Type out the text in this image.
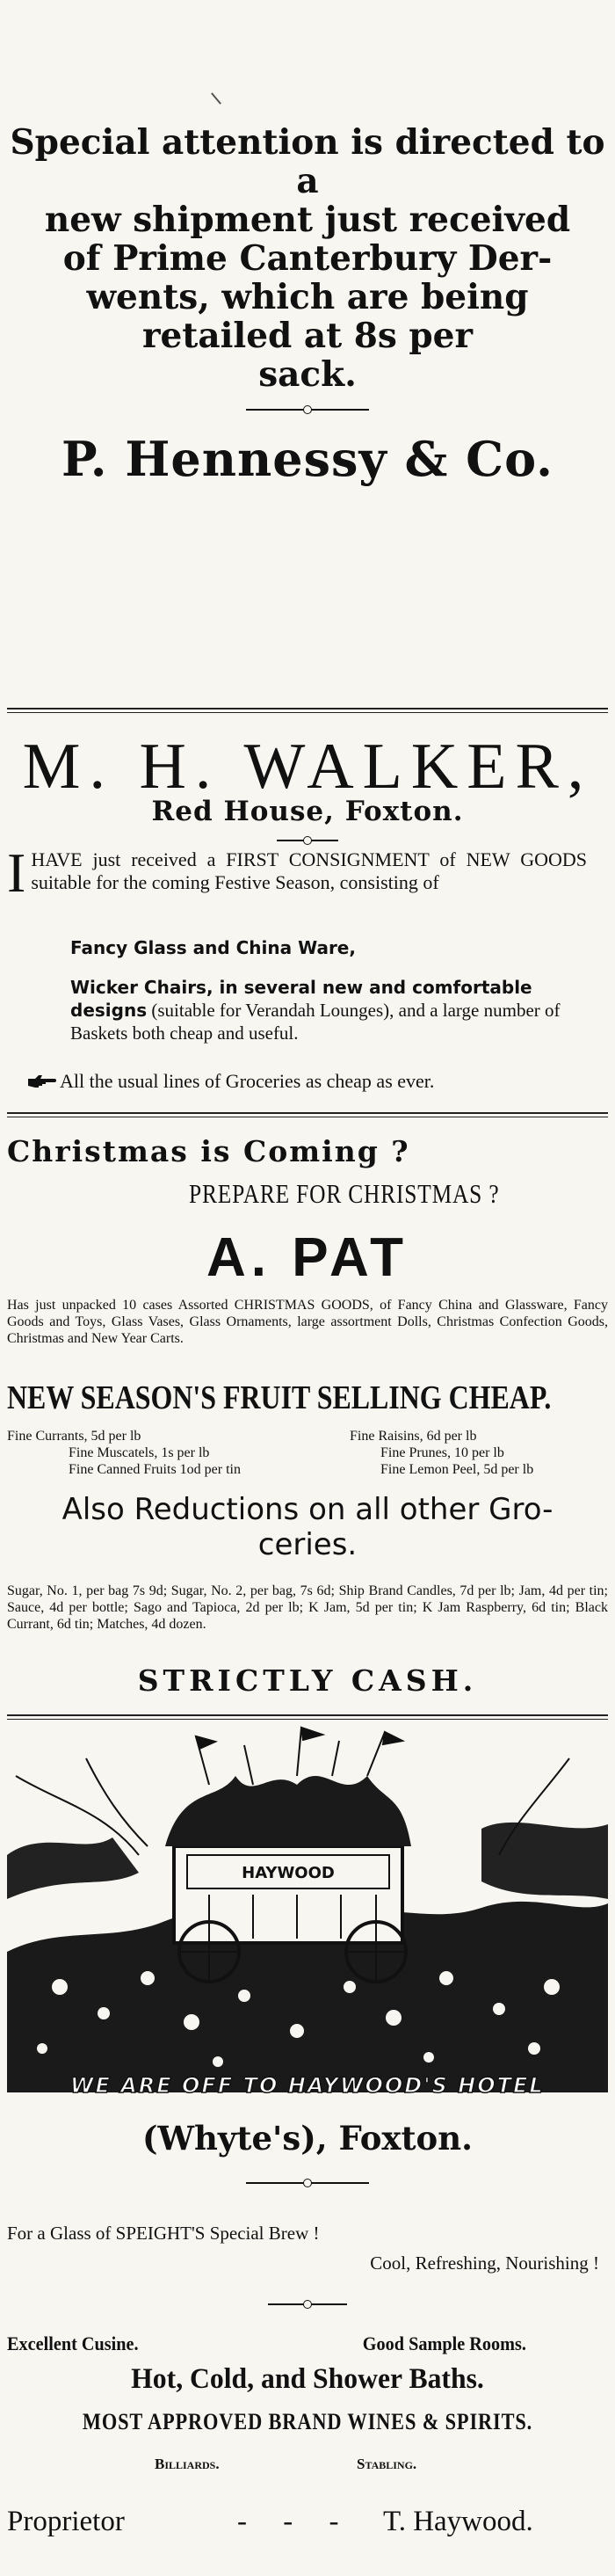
Special attention is directed to a
new shipment just received
of Prime Canterbury Der-
wents, which are being
retailed at 8s per
sack.
P. Hennessy & Co.
M. H. WALKER,
Red House, Foxton.
I HAVE just received a FIRST CONSIGNMENT of NEW GOODS suitable for the coming Festive Season, consisting of
Fancy Glass and China Ware,
Wicker Chairs, in several new and comfortable designs (suitable for Verandah Lounges), and a large number of Baskets both cheap and useful.
All the usual lines of Groceries as cheap as ever.
Christmas is Coming ?
PREPARE FOR CHRISTMAS ?
A. PAT
Has just unpacked 10 cases Assorted CHRISTMAS GOODS, of Fancy China and Glassware, Fancy Goods and Toys, Glass Vases, Glass Ornaments, large assortment Dolls, Christmas Confection Goods, Christmas and New Year Carts.
NEW SEASON'S FRUIT SELLING CHEAP.
Fine Currants, 5d per lb	Fine Raisins, 6d per lb
Fine Muscatels, 1s per lb	Fine Prunes, 10 per lb
Fine Canned Fruits 1od per tin	Fine Lemon Peel, 5d per lb
Also Reductions on all other Gro-
ceries.
Sugar, No. 1, per bag 7s 9d; Sugar, No. 2, per bag, 7s 6d; Ship Brand Candles, 7d per lb; Jam, 4d per tin; Sauce, 4d per bottle; Sago and Tapioca, 2d per lb; K Jam, 5d per tin; K Jam Raspberry, 6d tin; Black Currant, 6d tin; Matches, 4d dozen.
STRICTLY CASH.
HAYWOOD
WE ARE OFF TO HAYWOOD'S HOTEL
(Whyte's), Foxton.
For a Glass of SPEIGHT'S Special Brew !
Cool, Refreshing, Nourishing !
Excellent Cusine.	Good Sample Rooms.
Hot, Cold, and Shower Baths.
MOST APPROVED BRAND WINES & SPIRITS.
Billiards.	Stabling.
Proprietor	-     -     - T. Haywood.
